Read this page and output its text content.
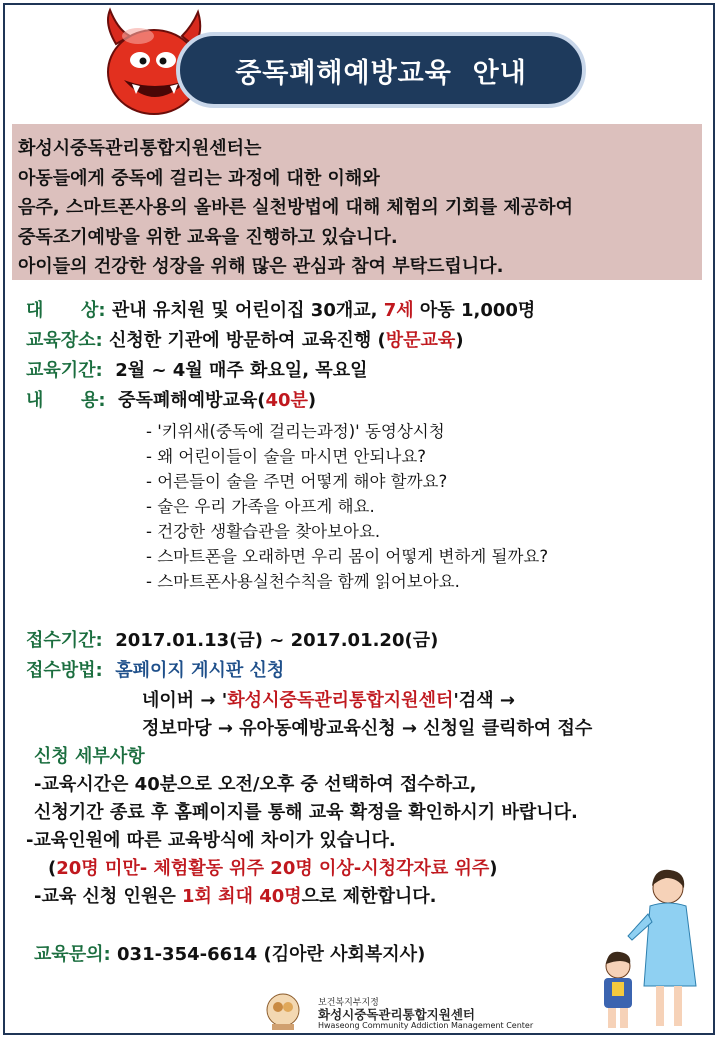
중독폐해예방교육  안내

화성시중독관리통합지원센터는

아동들에게 중독에 걸리는 과정에 대한 이해와

음주, 스마트폰사용의 올바른 실천방법에 대해 체험의 기회를 제공하여

중독조기예방을 위한 교육을 진행하고 있습니다.

아이들의 건강한 성장을 위해 많은 관심과 참여 부탁드립니다.

대      상: 관내 유치원 및 어린이집 30개교, 7세 아동 1,000명
교육장소: 신청한 기관에 방문하여 교육진행 (방문교육)
교육기간:  2월 ~ 4월 매주 화요일, 목요일
내      용:  중독폐해예방교육(40분)
- '키위새(중독에 걸리는과정)' 동영상시청
- 왜 어린이들이 술을 마시면 안되나요?
- 어른들이 술을 주면 어떻게 해야 할까요?
- 술은 우리 가족을 아프게 해요.
- 건강한 생활습관을 찾아보아요.
- 스마트폰을 오래하면 우리 몸이 어떻게 변하게 될까요?
- 스마트폰사용실천수칙을 함께 읽어보아요.
접수기간:  2017.01.13(금) ~ 2017.01.20(금)
접수방법:  홈페이지 게시판 신청
네이버 → '화성시중독관리통합지원센터'검색 →
정보마당 → 유아동예방교육신청 → 신청일 클릭하여 접수
신청 세부사항
-교육시간은 40분으로 오전/오후 중 선택하여 접수하고,
신청기간 종료 후 홈페이지를 통해 교육 확정을 확인하시기 바랍니다.
-교육인원에 따른 교육방식에 차이가 있습니다.
(20명 미만- 체험활동 위주 20명 이상-시청각자료 위주)
-교육 신청 인원은 1회 최대 40명으로 제한합니다.
교육문의: 031-354-6614 (김아란 사회복지사)
보건복지부지정
화성시중독관리통합지원센터
Hwaseong Community Addiction Management Center
